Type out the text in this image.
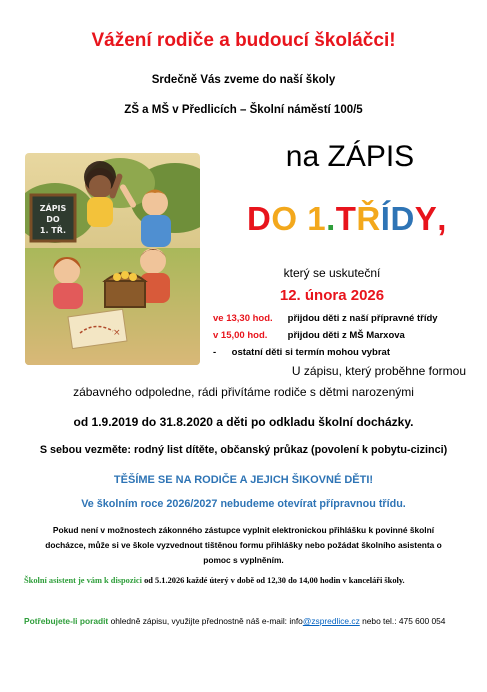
Vážení rodiče a budoucí školáčci!
Srdečně Vás zveme do naší školy
ZŠ a MŠ v Předlicích – Školní náměstí 100/5
ZÁPIS
DO
1. TŘ.
×
na ZÁPIS
DO 1.TŘÍDY,
který se uskuteční
12. února 2026
ve 13,30 hod. přijdou děti z naší přípravné třídy
v 15,00 hod. přijdou děti z MŠ Marxova
- ostatní děti si termín mohou vybrat
U zápisu, který proběhne formou
zábavného odpoledne, rádi přivítáme rodiče s dětmi narozenými
od 1.9.2019 do 31.8.2020 a děti po odkladu školní docházky.
S sebou vezměte: rodný list dítěte, občanský průkaz (povolení k pobytu-cizinci)
TĚŠÍME SE NA RODIČE A JEJICH ŠIKOVNÉ DĚTI!
Ve školním roce 2026/2027 nebudeme otevírat přípravnou třídu.
Pokud není v možnostech zákonného zástupce vyplnit elektronickou přihlášku k povinné školní docházce, může si ve škole vyzvednout tištěnou formu přihlášky nebo požádat školního asistenta o pomoc s vyplněním.
Školní asistent je vám k dispozici od 5.1.2026 každé úterý v době od 12,30 do 14,00 hodin v kanceláři školy.
Potřebujete-li poradit ohledně zápisu, využijte přednostně náš e-mail: info@zspredlice.cz nebo tel.: 475 600 054
